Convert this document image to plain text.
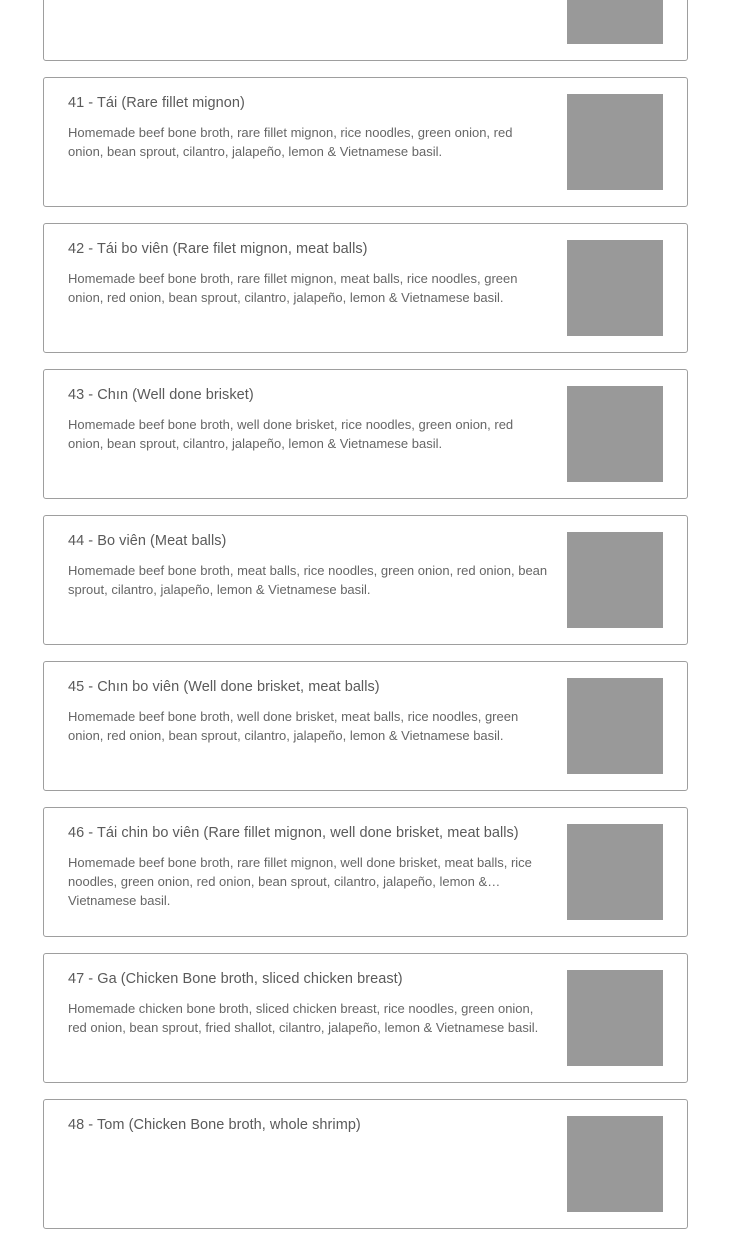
41 - Tái (Rare fillet mignon)
Homemade beef bone broth, rare fillet mignon, rice noodles, green onion, red onion, bean sprout, cilantro, jalapeño, lemon & Vietnamese basil.
42 - Tái bo viên (Rare filet mignon, meat balls)
Homemade beef bone broth, rare fillet mignon, meat balls, rice noodles, green onion, red onion, bean sprout, cilantro, jalapeño, lemon & Vietnamese basil.
43 - Chın (Well done brisket)
Homemade beef bone broth, well done brisket, rice noodles, green onion, red onion, bean sprout, cilantro, jalapeño, lemon & Vietnamese basil.
44 - Bo viên (Meat balls)
Homemade beef bone broth, meat balls, rice noodles, green onion, red onion, bean sprout, cilantro, jalapeño, lemon & Vietnamese basil.
45 - Chın bo viên (Well done brisket, meat balls)
Homemade beef bone broth, well done brisket, meat balls, rice noodles, green onion, red onion, bean sprout, cilantro, jalapeño, lemon & Vietnamese basil.
46 - Tái chin bo viên (Rare fillet mignon, well done brisket, meat balls)
Homemade beef bone broth, rare fillet mignon, well done brisket, meat balls, rice noodles, green onion, red onion, bean sprout, cilantro, jalapeño, lemon & Vietnamese basil.
47 - Ga (Chicken Bone broth, sliced chicken breast)
Homemade chicken bone broth, sliced chicken breast, rice noodles, green onion, red onion, bean sprout, fried shallot, cilantro, jalapeño, lemon & Vietnamese basil.
48 - Tom (Chicken Bone broth, whole shrimp)
